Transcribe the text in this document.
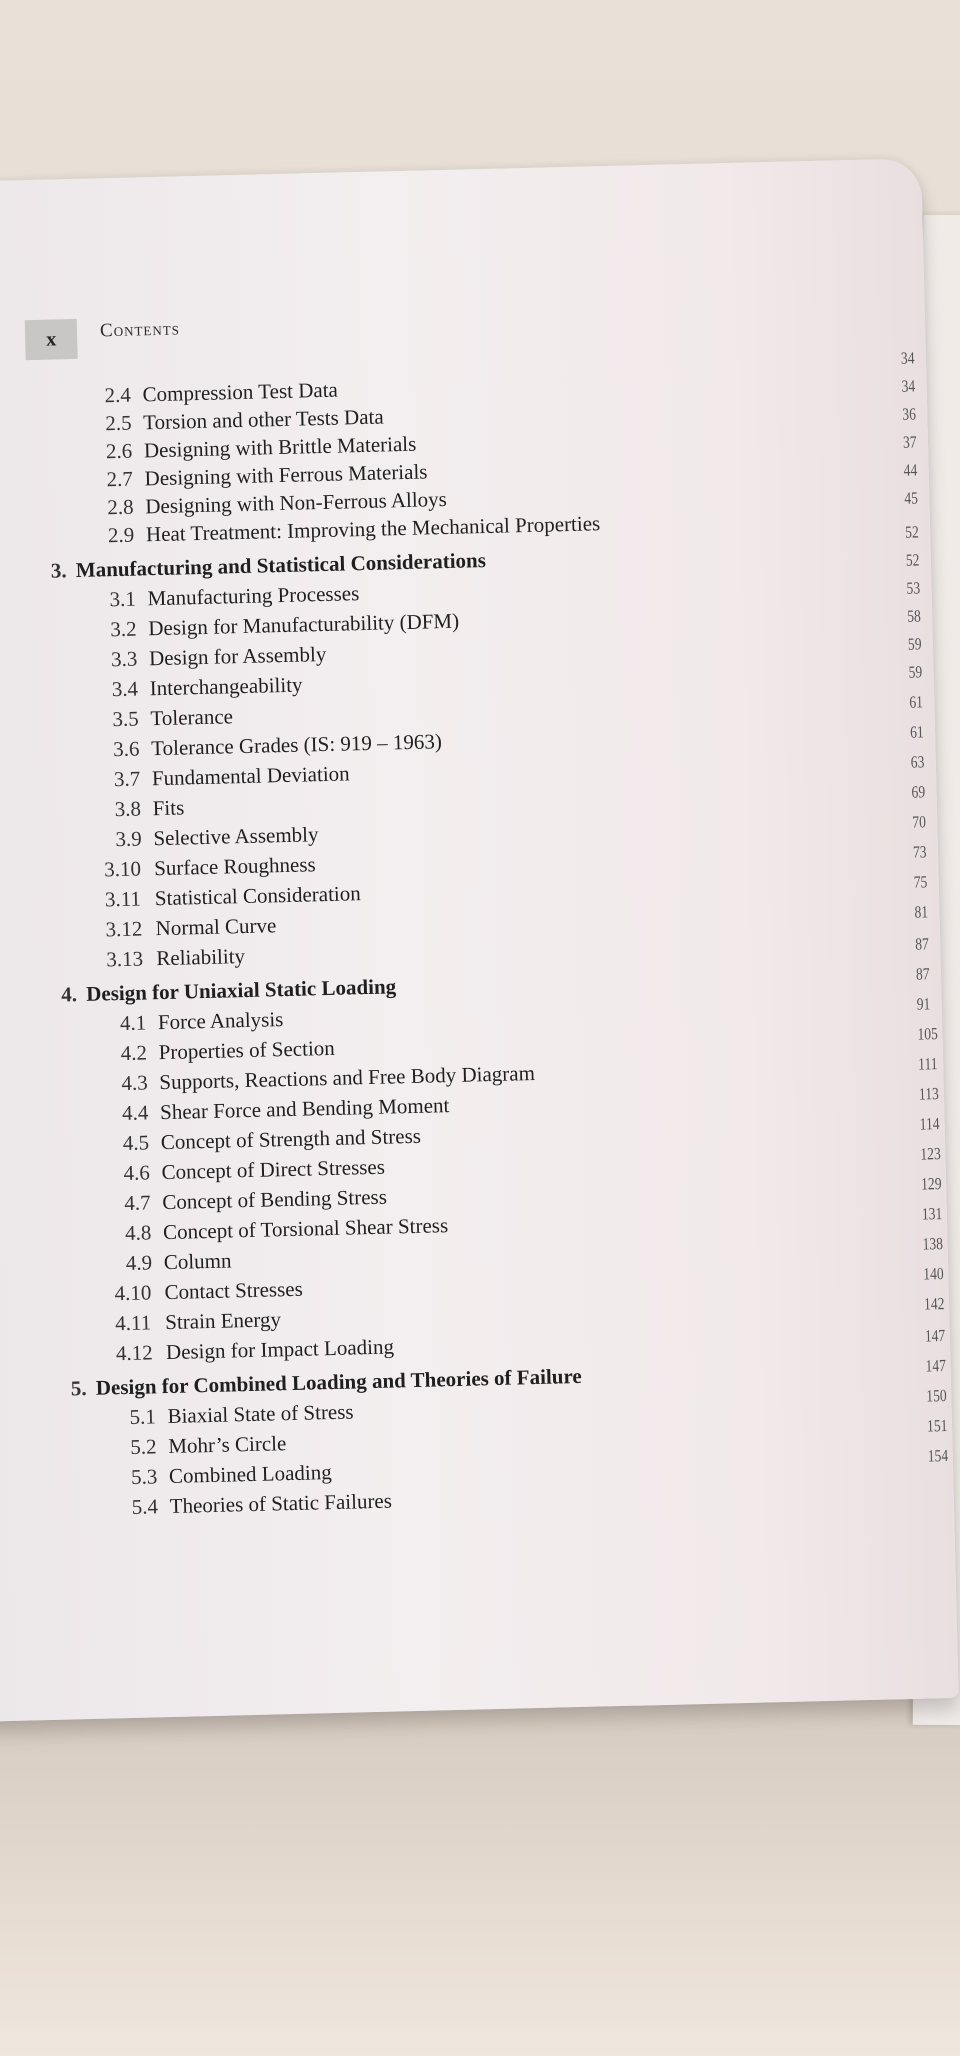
x	Contents
2.4 Compression Test Data
34
2.5 Torsion and other Tests Data
34
2.6 Designing with Brittle Materials
36
2.7 Designing with Ferrous Materials
37
2.8 Designing with Non-Ferrous Alloys
44
2.9 Heat Treatment: Improving the Mechanical Properties
45
3. Manufacturing and Statistical Considerations
52
3.1 Manufacturing Processes
52
3.2 Design for Manufacturability (DFM)
53
3.3 Design for Assembly
58
3.4 Interchangeability
59
3.5 Tolerance
59
3.6 Tolerance Grades (IS: 919 – 1963)
61
3.7 Fundamental Deviation
61
3.8 Fits
63
3.9 Selective Assembly
69
3.10 Surface Roughness
70
3.11 Statistical Consideration
73
3.12 Normal Curve
75
3.13 Reliability
81
4. Design for Uniaxial Static Loading
87
4.1 Force Analysis
87
4.2 Properties of Section
91
4.3 Supports, Reactions and Free Body Diagram
105
4.4 Shear Force and Bending Moment
111
4.5 Concept of Strength and Stress
113
4.6 Concept of Direct Stresses
114
4.7 Concept of Bending Stress
123
4.8 Concept of Torsional Shear Stress
129
4.9 Column
131
4.10 Contact Stresses
138
4.11 Strain Energy
140
4.12 Design for Impact Loading
142
5. Design for Combined Loading and Theories of Failure
147
5.1 Biaxial State of Stress
147
5.2 Mohr’s Circle
150
5.3 Combined Loading
151
5.4 Theories of Static Failures
154
